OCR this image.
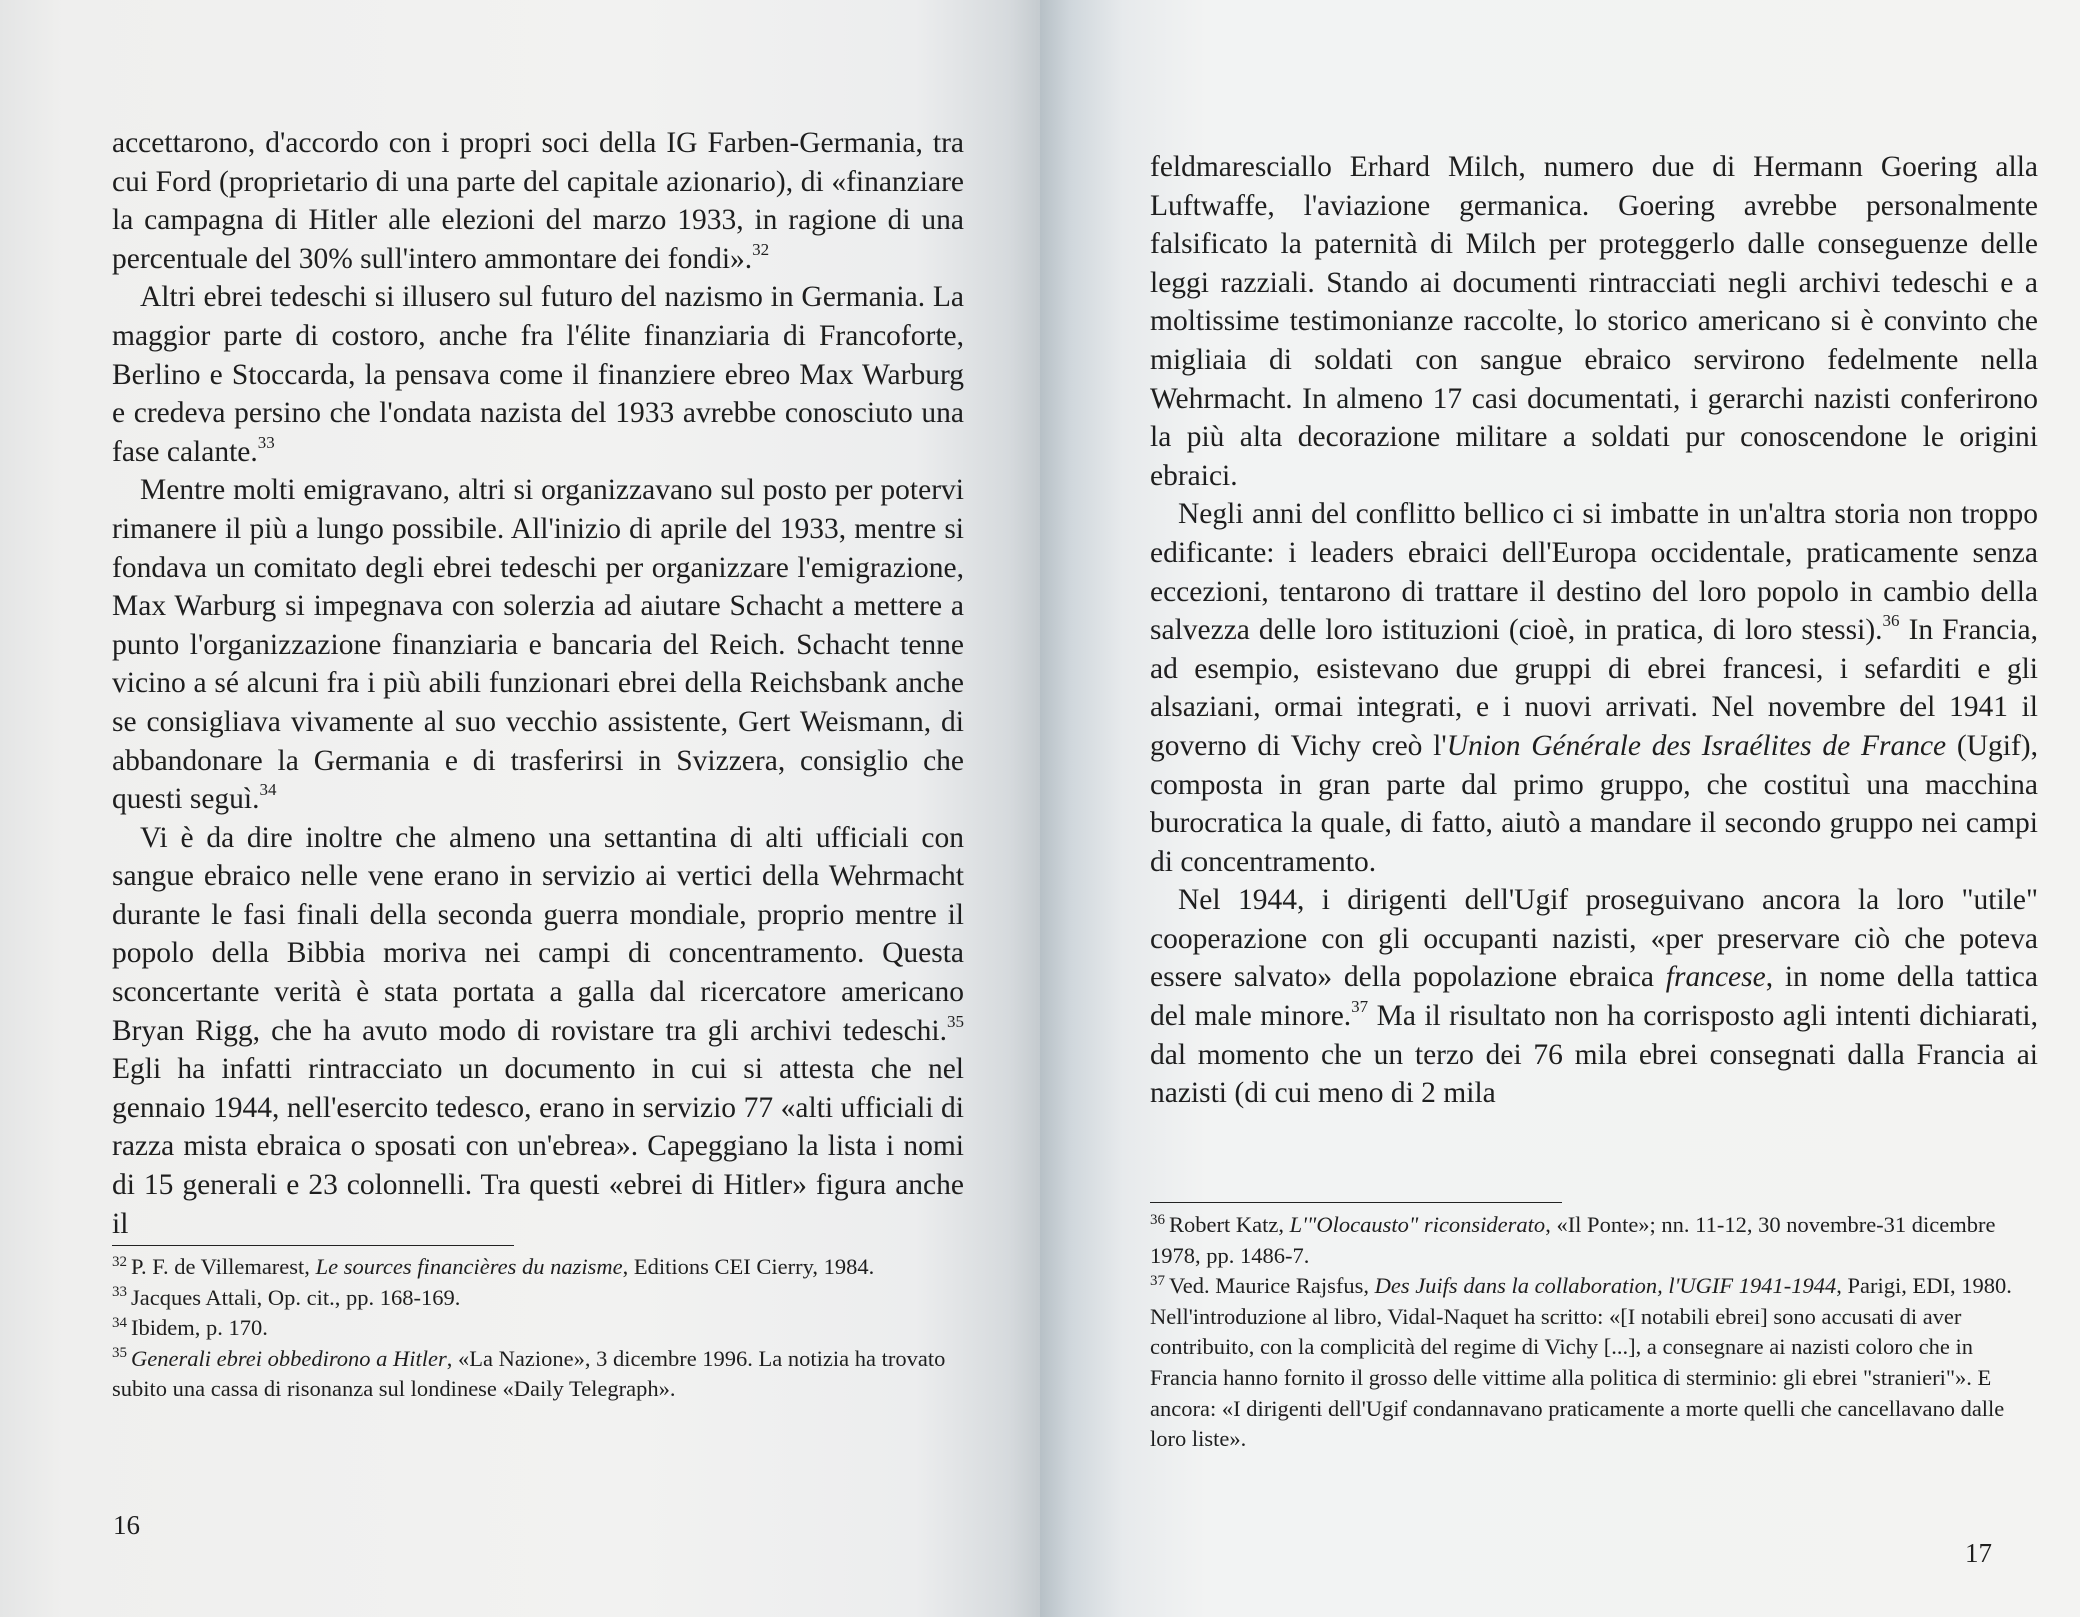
accettarono, d'accordo con i propri soci della IG Farben-Germania, tra cui Ford (proprietario di una parte del capitale azionario), di «finanziare la campagna di Hitler alle elezioni del marzo 1933, in ragione di una percentuale del 30% sull'intero ammontare dei fondi».$^{32}$

Altri ebrei tedeschi si illusero sul futuro del nazismo in Germania. La maggior parte di costoro, anche fra l'élite finanziaria di Francoforte, Berlino e Stoccarda, la pensava come il finanziere ebreo Max Warburg e credeva persino che l'ondata nazista del 1933 avrebbe conosciuto una fase calante.$^{33}$

Mentre molti emigravano, altri si organizzavano sul posto per potervi rimanere il più a lungo possibile. All'inizio di aprile del 1933, mentre si fondava un comitato degli ebrei tedeschi per organizzare l'emigrazione, Max Warburg si impegnava con solerzia ad aiutare Schacht a mettere a punto l'organizzazione finanziaria e bancaria del Reich. Schacht tenne vicino a sé alcuni fra i più abili funzionari ebrei della Reichsbank anche se consigliava vivamente al suo vecchio assistente, Gert Weismann, di abbandonare la Germania e di trasferirsi in Svizzera, consiglio che questi seguì.$^{34}$

Vi è da dire inoltre che almeno una settantina di alti ufficiali con sangue ebraico nelle vene erano in servizio ai vertici della Wehrmacht durante le fasi finali della seconda guerra mondiale, proprio mentre il popolo della Bibbia moriva nei campi di concentramento. Questa sconcertante verità è stata portata a galla dal ricercatore americano Bryan Rigg, che ha avuto modo di rovistare tra gli archivi tedeschi.$^{35}$ Egli ha infatti rintracciato un documento in cui si attesta che nel gennaio 1944, nell'esercito tedesco, erano in servizio 77 «alti ufficiali di razza mista ebraica o sposati con un'ebrea». Capeggiano la lista i nomi di 15 generali e 23 colonnelli. Tra questi «ebrei di Hitler» figura anche il

$^{32}$ P. F. de Villemarest, Le sources financières du nazisme, Editions CEI Cierry, 1984.
$^{33}$ Jacques Attali, Op. cit., pp. 168-169.
$^{34}$ Ibidem, p. 170.
$^{35}$ Generali ebrei obbedirono a Hitler, «La Nazione», 3 dicembre 1996. La notizia ha trovato subito una cassa di risonanza sul londinese «Daily Telegraph».
16

feldmaresciallo Erhard Milch, numero due di Hermann Goering alla Luftwaffe, l'aviazione germanica. Goering avrebbe personalmente falsificato la paternità di Milch per proteggerlo dalle conseguenze delle leggi razziali. Stando ai documenti rintracciati negli archivi tedeschi e a moltissime testimonianze raccolte, lo storico americano si è convinto che migliaia di soldati con sangue ebraico servirono fedelmente nella Wehrmacht. In almeno 17 casi documentati, i gerarchi nazisti conferirono la più alta decorazione militare a soldati pur conoscendone le origini ebraici.

Negli anni del conflitto bellico ci si imbatte in un'altra storia non troppo edificante: i leaders ebraici dell'Europa occidentale, praticamente senza eccezioni, tentarono di trattare il destino del loro popolo in cambio della salvezza delle loro istituzioni (cioè, in pratica, di loro stessi).$^{36}$ In Francia, ad esempio, esistevano due gruppi di ebrei francesi, i sefarditi e gli alsaziani, ormai integrati, e i nuovi arrivati. Nel novembre del 1941 il governo di Vichy creò l'Union Générale des Israélites de France (Ugif), composta in gran parte dal primo gruppo, che costituì una macchina burocratica la quale, di fatto, aiutò a mandare il secondo gruppo nei campi di concentramento.

Nel 1944, i dirigenti dell'Ugif proseguivano ancora la loro "utile" cooperazione con gli occupanti nazisti, «per preservare ciò che poteva essere salvato» della popolazione ebraica francese, in nome della tattica del male minore.$^{37}$ Ma il risultato non ha corrisposto agli intenti dichiarati, dal momento che un terzo dei 76 mila ebrei consegnati dalla Francia ai nazisti (di cui meno di 2 mila

$^{36}$ Robert Katz, L'"Olocausto" riconsiderato, «Il Ponte»; nn. 11-12, 30 novembre-31 dicembre 1978, pp. 1486-7.
$^{37}$ Ved. Maurice Rajsfus, Des Juifs dans la collaboration, l'UGIF 1941-1944, Parigi, EDI, 1980. Nell'introduzione al libro, Vidal-Naquet ha scritto: «[I notabili ebrei] sono accusati di aver contribuito, con la complicità del regime di Vichy [...], a consegnare ai nazisti coloro che in Francia hanno fornito il grosso delle vittime alla politica di sterminio: gli ebrei "stranieri"». E ancora: «I dirigenti dell'Ugif condannavano praticamente a morte quelli che cancellavano dalle loro liste».
17
